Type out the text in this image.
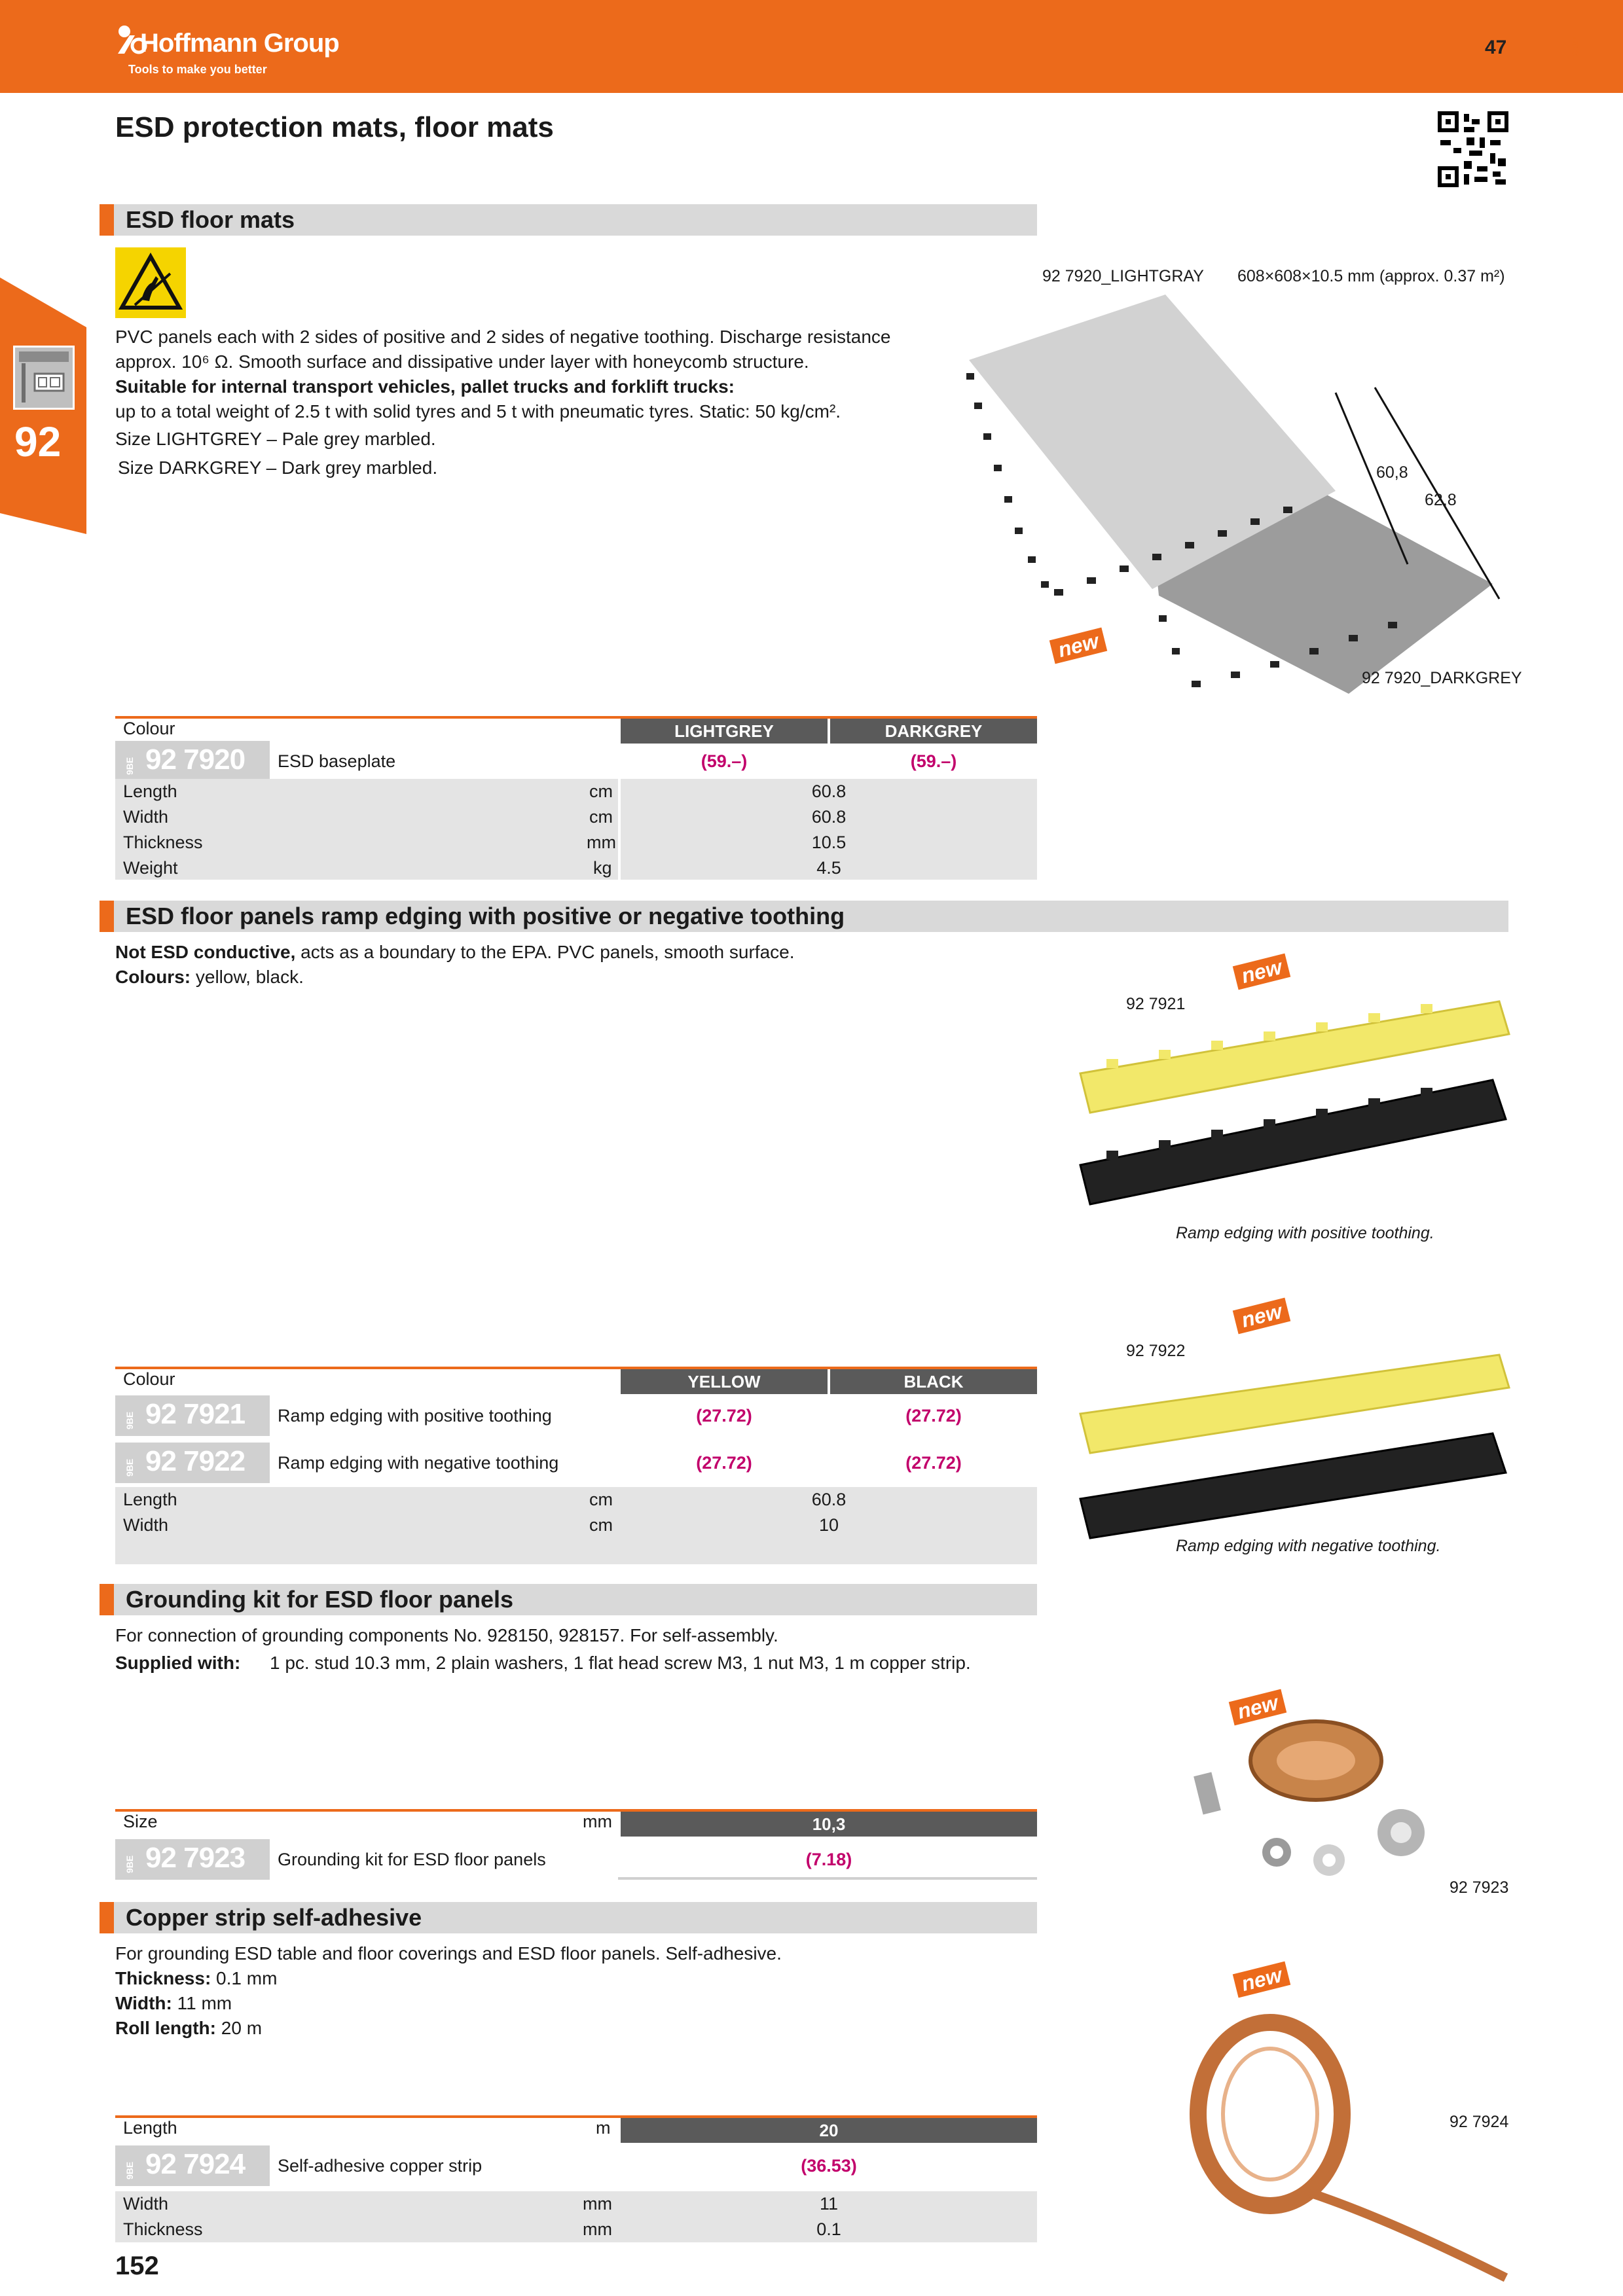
Hoffmann Group
Tools to make you better
47	GBP
ESD protection mats, floor mats
92
ESD floor mats
PVC panels each with 2 sides of positive and 2 sides of negative toothing. Discharge resistance
approx. 10⁶ Ω. Smooth surface and dissipative under layer with honeycomb structure.
Suitable for internal transport vehicles, pallet trucks and forklift trucks:
up to a total weight of 2.5 t with solid tyres and 5 t with pneumatic tyres. Static: 50 kg/cm².
Size LIGHTGREY – Pale grey marbled.
Size DARKGREY – Dark grey marbled.
92 7920_LIGHTGRAY 608×608×10.5 mm (approx. 0.37 m²)
60,8
62,8
new
92 7920_DARKGREY
Colour	LIGHTGREY	DARKGREY
9BE 92 7920 ESD baseplate	(59.–)	(59.–)
Length	cm	60.8
Width	cm	60.8
Thickness	mm	10.5
Weight	kg	4.5
ESD floor panels ramp edging with positive or negative toothing
Not ESD conductive, acts as a boundary to the EPA. PVC panels, smooth surface.
Colours: yellow, black.	new
92 7921
Ramp edging with positive toothing.
new
92 7922
Ramp edging with negative toothing.
Colour	YELLOW	BLACK
9BE 92 7921 Ramp edging with positive toothing	(27.72)	(27.72)
9BE 92 7922 Ramp edging with negative toothing	(27.72)	(27.72)
Length	cm	60.8
Width	cm	10
Grounding kit for ESD floor panels
For connection of grounding components No. 928150, 928157. For self-assembly.
Supplied with: 1 pc. stud 10.3 mm, 2 plain washers, 1 flat head screw M3, 1 nut M3, 1 m copper strip.
new
92 7923
Size	mm	10,3
9BE 92 7923 Grounding kit for ESD floor panels	(7.18)
Copper strip self-adhesive
For grounding ESD table and floor coverings and ESD floor panels. Self-adhesive.
Thickness: 0.1 mm
Width: 11 mm
Roll length: 20 m
new
92 7924
Length	m	20
9BE 92 7924 Self-adhesive copper strip	(36.53)
Width	mm	11
Thickness	mm	0.1
152
